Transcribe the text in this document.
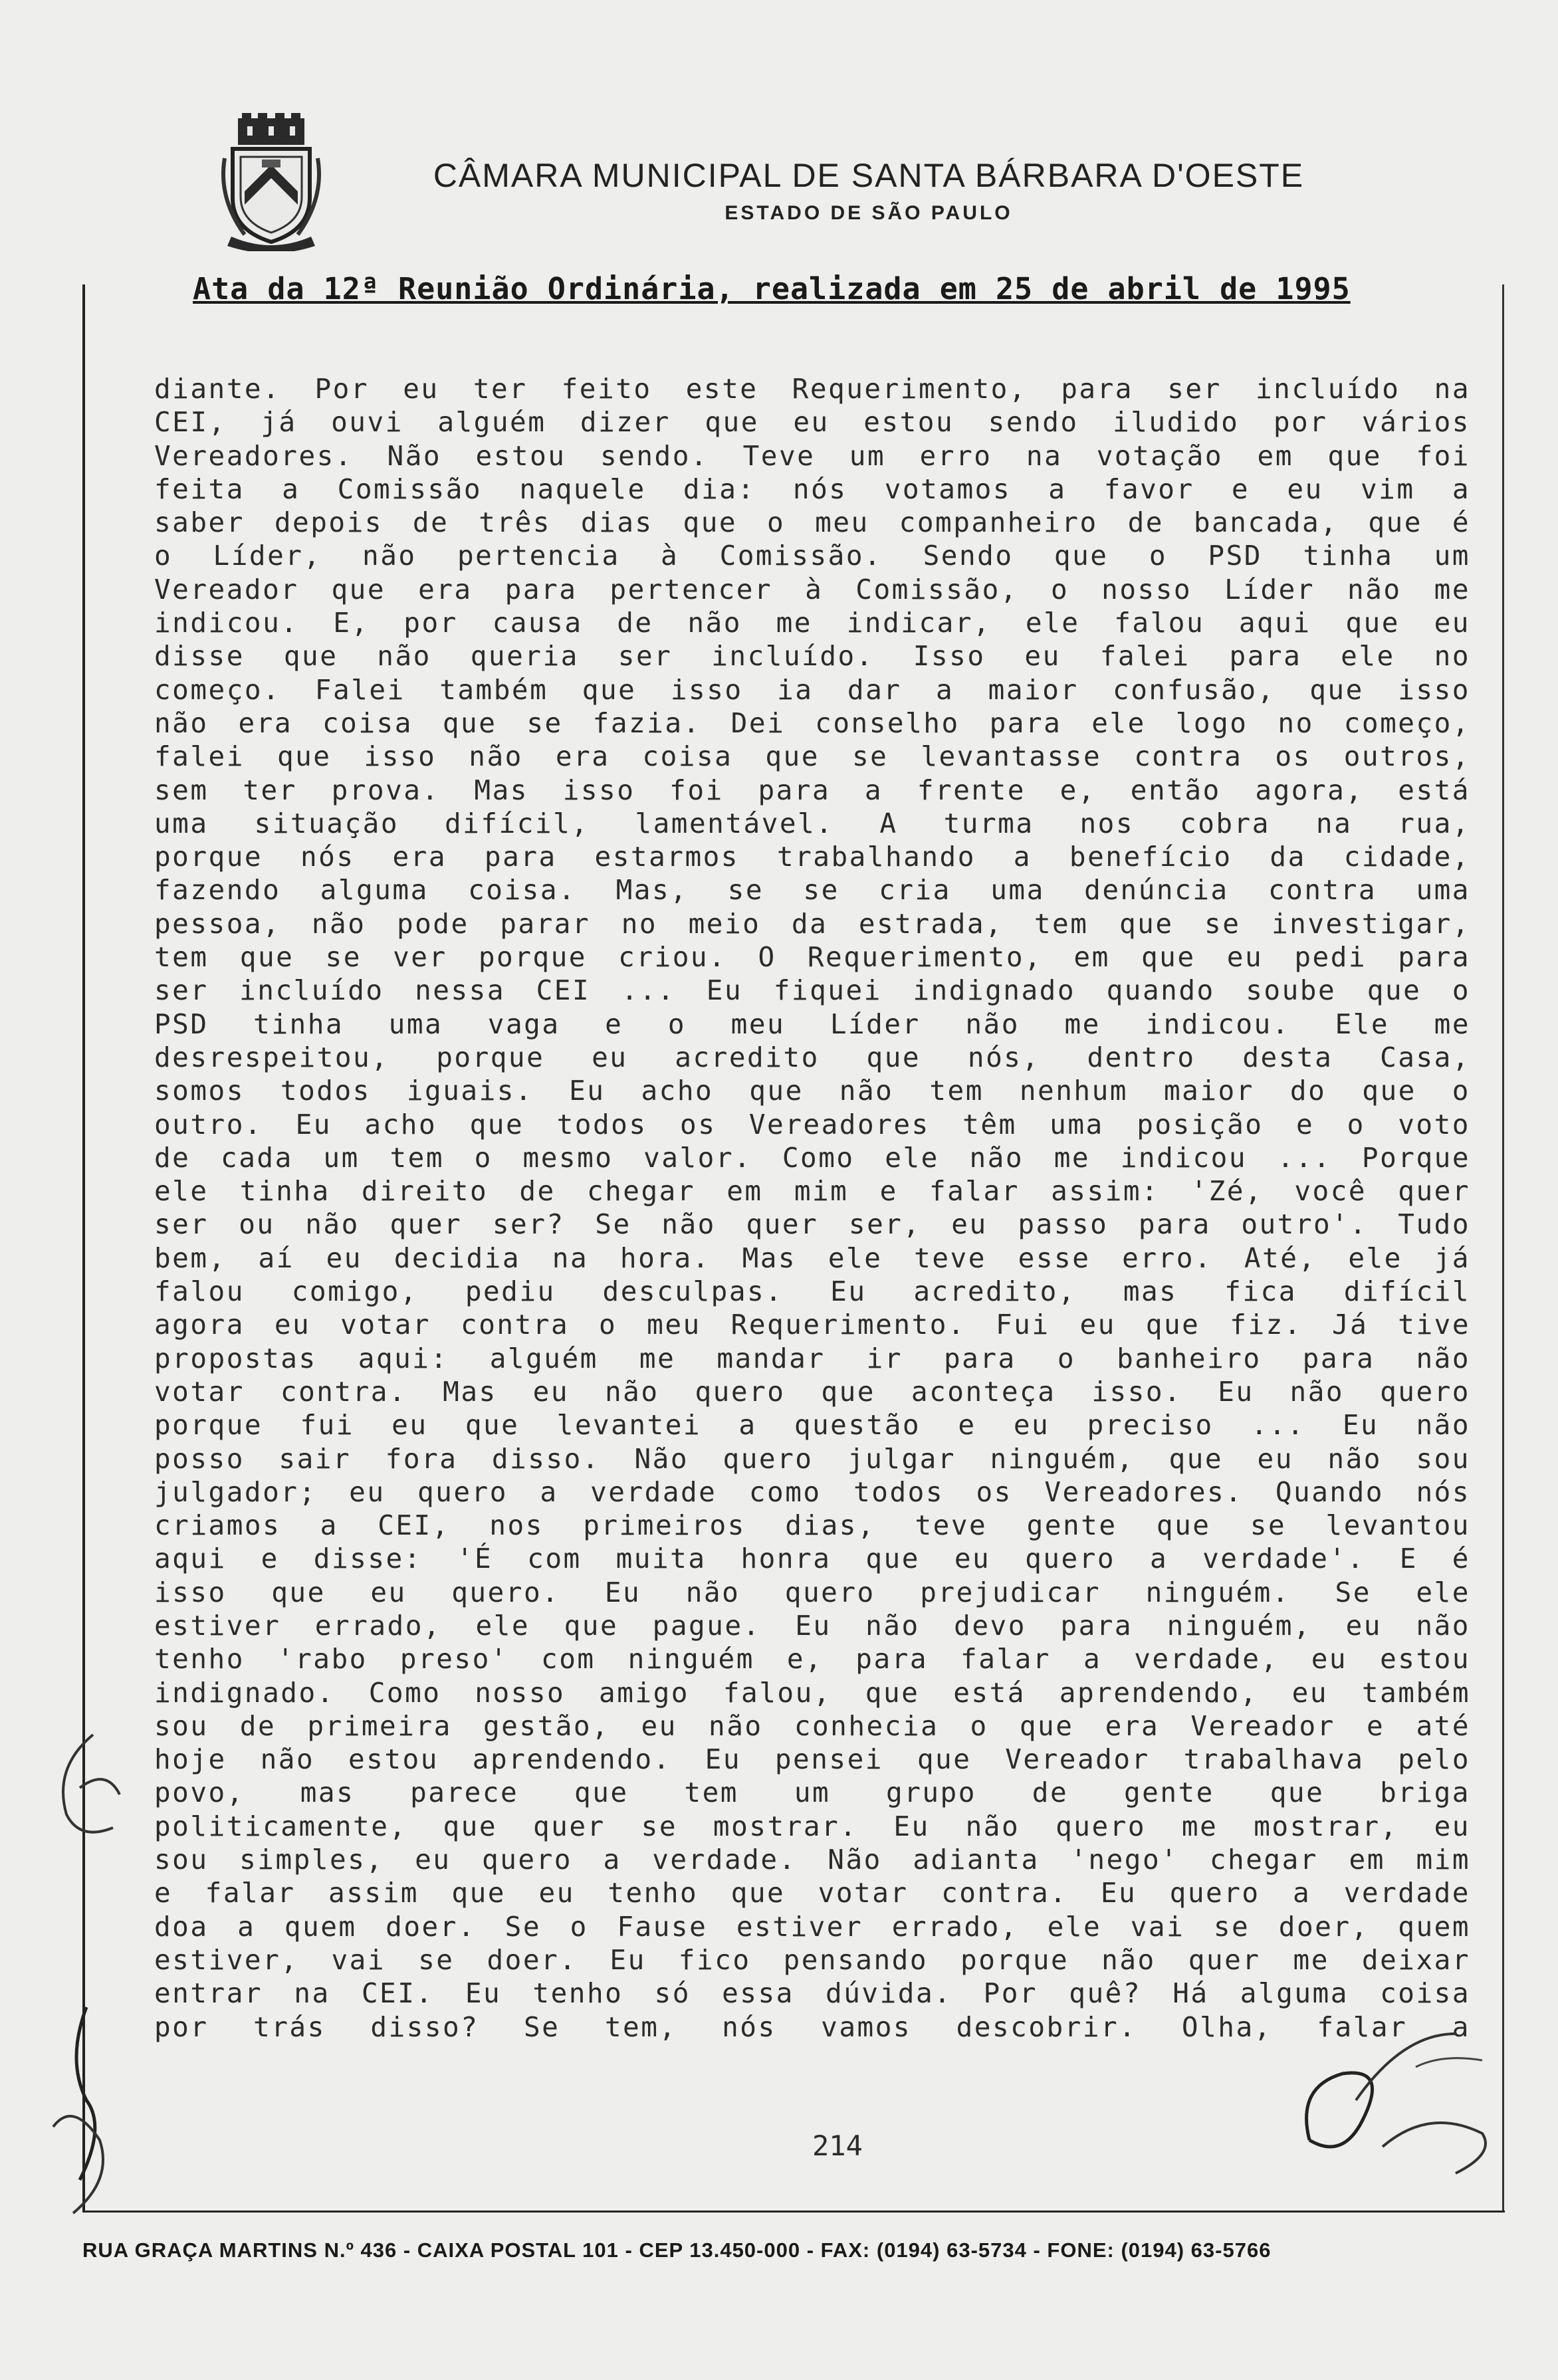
CÂMARA MUNICIPAL DE SANTA BÁRBARA D'OESTE
ESTADO DE SÃO PAULO
Ata da 12ª Reunião Ordinária, realizada em 25 de abril de 1995
diante. Por eu ter feito este Requerimento, para ser incluído na
CEI, já ouvi alguém dizer que eu estou sendo iludido por vários
Vereadores. Não estou sendo. Teve um erro na votação em que foi
feita a Comissão naquele dia: nós votamos a favor e eu vim a
saber depois de três dias que o meu companheiro de bancada, que é
o Líder, não pertencia à Comissão. Sendo que o PSD tinha um
Vereador que era para pertencer à Comissão, o nosso Líder não me
indicou. E, por causa de não me indicar, ele falou aqui que eu
disse que não queria ser incluído. Isso eu falei para ele no
começo. Falei também que isso ia dar a maior confusão, que isso
não era coisa que se fazia. Dei conselho para ele logo no começo,
falei que isso não era coisa que se levantasse contra os outros,
sem ter prova. Mas isso foi para a frente e, então agora, está
uma situação difícil, lamentável. A turma nos cobra na rua,
porque nós era para estarmos trabalhando a benefício da cidade,
fazendo alguma coisa. Mas, se se cria uma denúncia contra uma
pessoa, não pode parar no meio da estrada, tem que se investigar,
tem que se ver porque criou. O Requerimento, em que eu pedi para
ser incluído nessa CEI ... Eu fiquei indignado quando soube que o
PSD tinha uma vaga e o meu Líder não me indicou. Ele me
desrespeitou, porque eu acredito que nós, dentro desta Casa,
somos todos iguais. Eu acho que não tem nenhum maior do que o
outro. Eu acho que todos os Vereadores têm uma posição e o voto
de cada um tem o mesmo valor. Como ele não me indicou ... Porque
ele tinha direito de chegar em mim e falar assim: 'Zé, você quer
ser ou não quer ser? Se não quer ser, eu passo para outro'. Tudo
bem, aí eu decidia na hora. Mas ele teve esse erro. Até, ele já
falou comigo, pediu desculpas. Eu acredito, mas fica difícil
agora eu votar contra o meu Requerimento. Fui eu que fiz. Já tive
propostas aqui: alguém me mandar ir para o banheiro para não
votar contra. Mas eu não quero que aconteça isso. Eu não quero
porque fui eu que levantei a questão e eu preciso ... Eu não
posso sair fora disso. Não quero julgar ninguém, que eu não sou
julgador; eu quero a verdade como todos os Vereadores. Quando nós
criamos a CEI, nos primeiros dias, teve gente que se levantou
aqui e disse: 'É com muita honra que eu quero a verdade'. E é
isso que eu quero. Eu não quero prejudicar ninguém. Se ele
estiver errado, ele que pague. Eu não devo para ninguém, eu não
tenho 'rabo preso' com ninguém e, para falar a verdade, eu estou
indignado. Como nosso amigo falou, que está aprendendo, eu também
sou de primeira gestão, eu não conhecia o que era Vereador e até
hoje não estou aprendendo. Eu pensei que Vereador trabalhava pelo
povo, mas parece que tem um grupo de gente que briga
politicamente, que quer se mostrar. Eu não quero me mostrar, eu
sou simples, eu quero a verdade. Não adianta 'nego' chegar em mim
e falar assim que eu tenho que votar contra. Eu quero a verdade
doa a quem doer. Se o Fause estiver errado, ele vai se doer, quem
estiver, vai se doer. Eu fico pensando porque não quer me deixar
entrar na CEI. Eu tenho só essa dúvida. Por quê? Há alguma coisa
por trás disso? Se tem, nós vamos descobrir. Olha, falar a
214
RUA GRAÇA MARTINS N.º 436 - CAIXA POSTAL 101 - CEP 13.450-000 - FAX: (0194) 63-5734 - FONE: (0194) 63-5766
